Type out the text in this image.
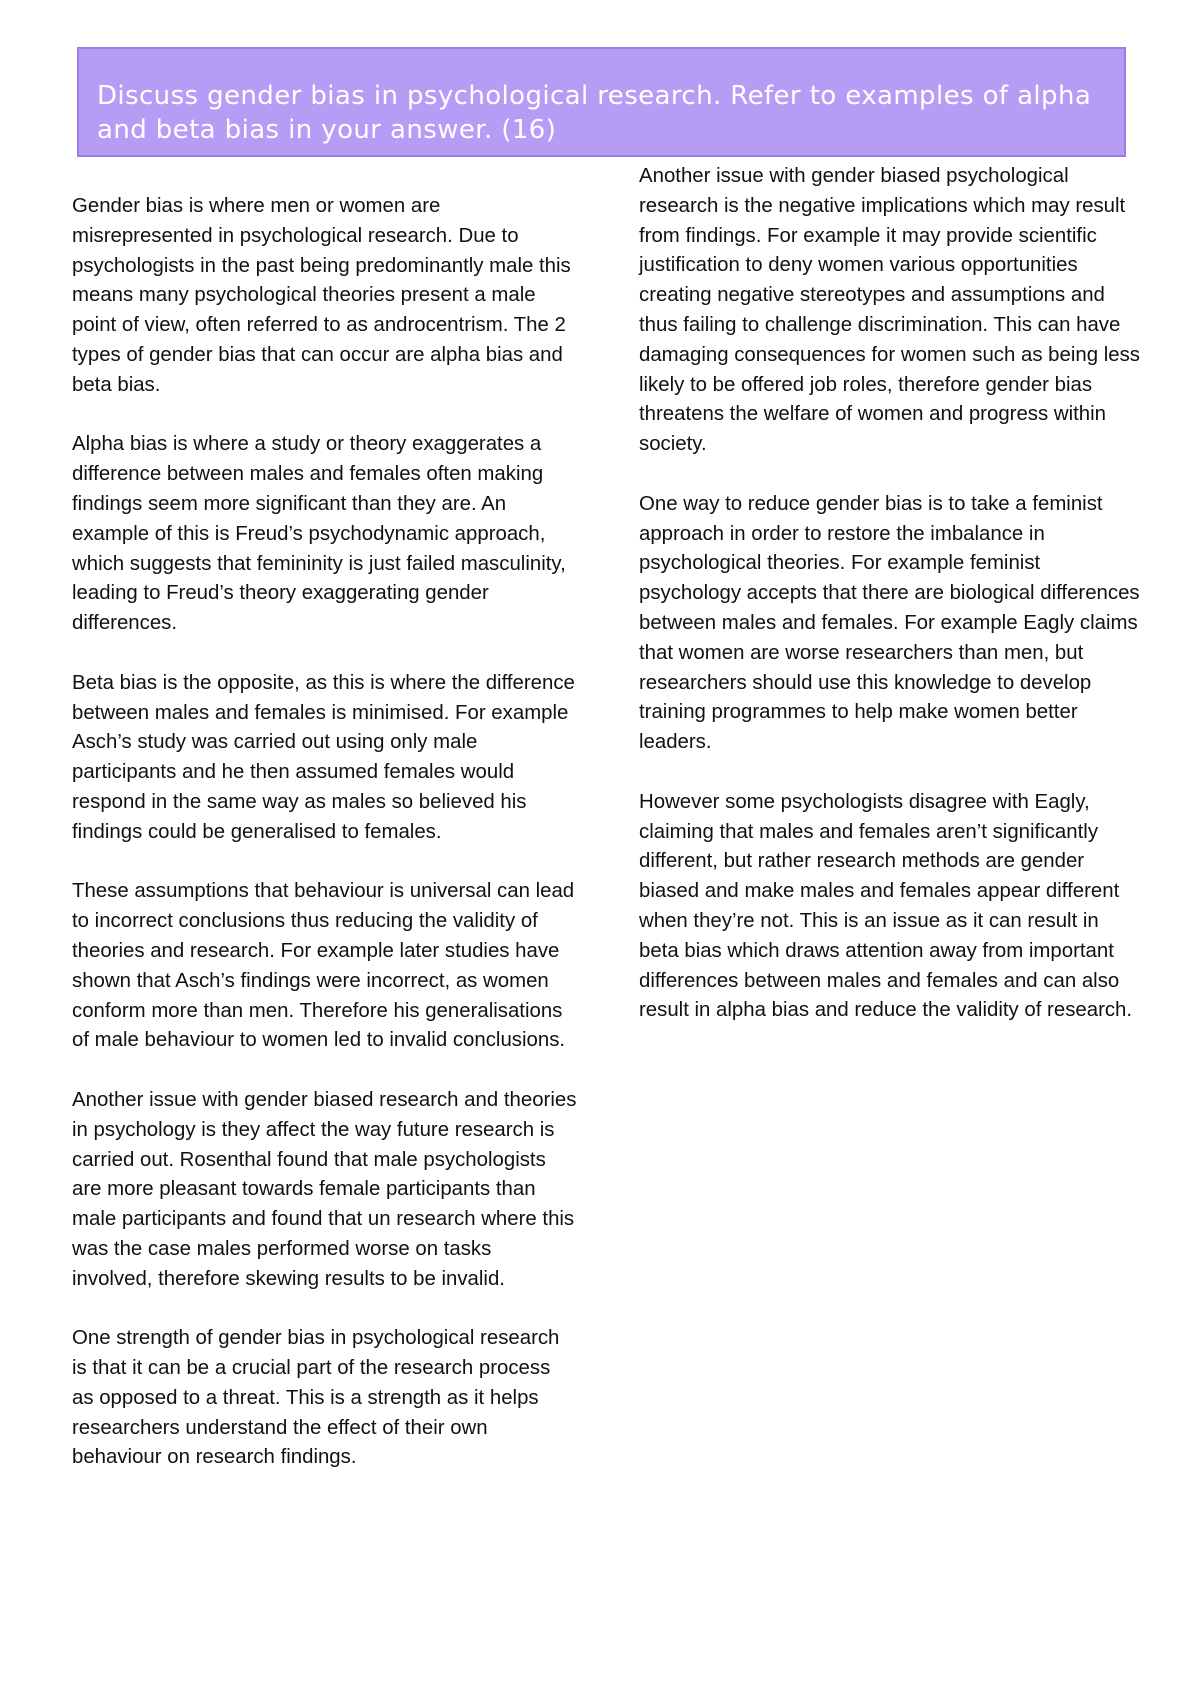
Discuss gender bias in psychological research. Refer to examples of alpha and beta bias in your answer. (16)

Gender bias is where men or women are misrepresented in psychological research. Due to psychologists in the past being predominantly male this means many psychological theories present a male point of view, often referred to as androcentrism. The 2 types of gender bias that can occur are alpha bias and beta bias.

Alpha bias is where a study or theory exaggerates a difference between males and females often making findings seem more significant than they are. An example of this is Freud’s psychodynamic approach, which suggests that femininity is just failed masculinity, leading to Freud’s theory exaggerating gender differences.

Beta bias is the opposite, as this is where the difference between males and females is minimised. For example Asch’s study was carried out using only male participants and he then assumed females would respond in the same way as males so believed his findings could be generalised to females.

These assumptions that behaviour is universal can lead to incorrect conclusions thus reducing the validity of theories and research. For example later studies have shown that Asch’s findings were incorrect, as women conform more than men. Therefore his generalisations of male behaviour to women led to invalid conclusions.

Another issue with gender biased research and theories in psychology is they affect the way future research is carried out. Rosenthal found that male psychologists are more pleasant towards female participants than male participants and found that un research where this was the case males performed worse on tasks involved, therefore skewing results to be invalid.

One strength of gender bias in psychological research is that it can be a crucial part of the research process as opposed to a threat. This is a strength as it helps researchers understand the effect of their own behaviour on research findings.

Another issue with gender biased psychological research is the negative implications which may result from findings. For example it may provide scientific justification to deny women various opportunities creating negative stereotypes and assumptions and thus failing to challenge discrimination. This can have damaging consequences for women such as being less likely to be offered job roles, therefore gender bias threatens the welfare of women and progress within society.

One way to reduce gender bias is to take a feminist approach in order to restore the imbalance in psychological theories. For example feminist psychology accepts that there are biological differences between males and females. For example Eagly claims that women are worse researchers than men, but researchers should use this knowledge to develop training programmes to help make women better leaders.

However some psychologists disagree with Eagly, claiming that males and females aren’t significantly different, but rather research methods are gender biased and make males and females appear different when they’re not. This is an issue as it can result in beta bias which draws attention away from important differences between males and females and can also result in alpha bias and reduce the validity of research.
